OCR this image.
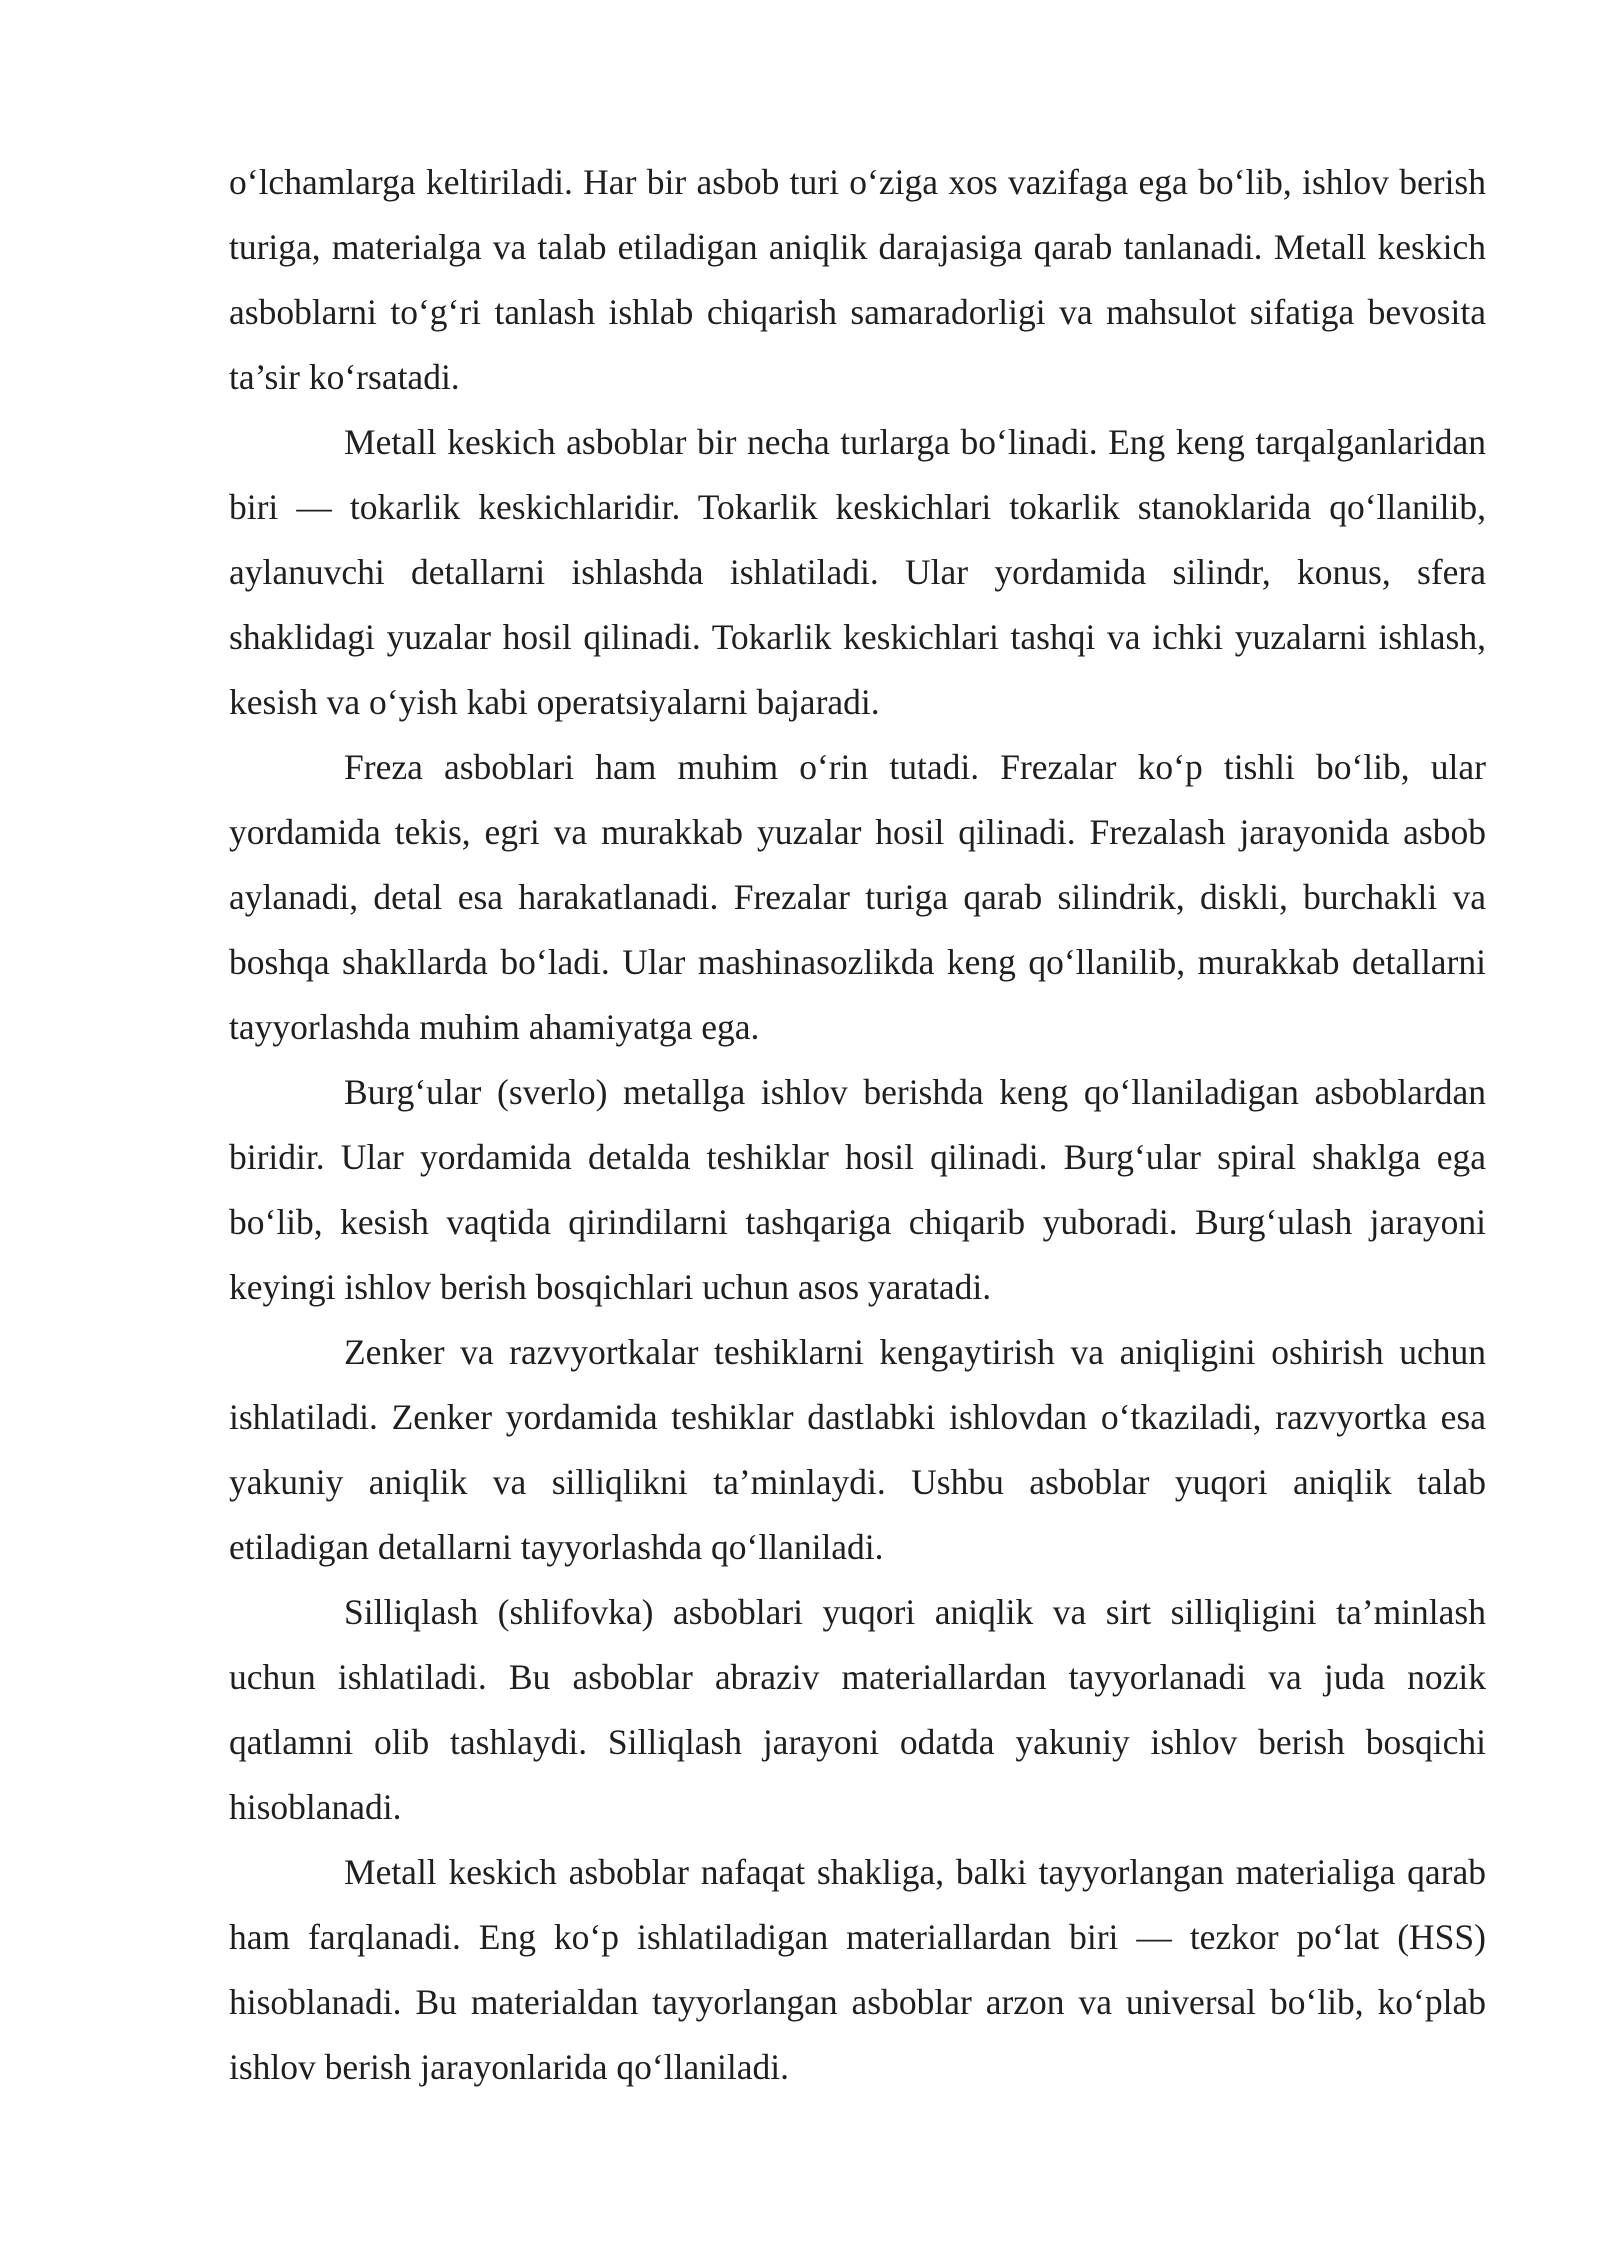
o‘lchamlarga keltiriladi. Har bir asbob turi o‘ziga xos vazifaga ega bo‘lib, ishlov berish turiga, materialga va talab etiladigan aniqlik darajasiga qarab tanlanadi. Metall keskich asboblarni to‘g‘ri tanlash ishlab chiqarish samaradorligi va mahsulot sifatiga bevosita ta’sir ko‘rsatadi.

Metall keskich asboblar bir necha turlarga bo‘linadi. Eng keng tarqalganlaridan biri — tokarlik keskichlaridir. Tokarlik keskichlari tokarlik stanoklarida qo‘llanilib, aylanuvchi detallarni ishlashda ishlatiladi. Ular yordamida silindr, konus, sfera shaklidagi yuzalar hosil qilinadi. Tokarlik keskichlari tashqi va ichki yuzalarni ishlash, kesish va o‘yish kabi operatsiyalarni bajaradi.

Freza asboblari ham muhim o‘rin tutadi. Frezalar ko‘p tishli bo‘lib, ular yordamida tekis, egri va murakkab yuzalar hosil qilinadi. Frezalash jarayonida asbob aylanadi, detal esa harakatlanadi. Frezalar turiga qarab silindrik, diskli, burchakli va boshqa shakllarda bo‘ladi. Ular mashinasozlikda keng qo‘llanilib, murakkab detallarni tayyorlashda muhim ahamiyatga ega.

Burg‘ular (sverlo) metallga ishlov berishda keng qo‘llaniladigan asboblardan biridir. Ular yordamida detalda teshiklar hosil qilinadi. Burg‘ular spiral shaklga ega bo‘lib, kesish vaqtida qirindilarni tashqariga chiqarib yuboradi. Burg‘ulash jarayoni keyingi ishlov berish bosqichlari uchun asos yaratadi.

Zenker va razvyortkalar teshiklarni kengaytirish va aniqligini oshirish uchun ishlatiladi. Zenker yordamida teshiklar dastlabki ishlovdan o‘tkaziladi, razvyortka esa yakuniy aniqlik va silliqlikni ta’minlaydi. Ushbu asboblar yuqori aniqlik talab etiladigan detallarni tayyorlashda qo‘llaniladi.

Silliqlash (shlifovka) asboblari yuqori aniqlik va sirt silliqligini ta’minlash uchun ishlatiladi. Bu asboblar abraziv materiallardan tayyorlanadi va juda nozik qatlamni olib tashlaydi. Silliqlash jarayoni odatda yakuniy ishlov berish bosqichi hisoblanadi.

Metall keskich asboblar nafaqat shakliga, balki tayyorlangan materialiga qarab ham farqlanadi. Eng ko‘p ishlatiladigan materiallardan biri — tezkor po‘lat (HSS) hisoblanadi. Bu materialdan tayyorlangan asboblar arzon va universal bo‘lib, ko‘plab ishlov berish jarayonlarida qo‘llaniladi.
